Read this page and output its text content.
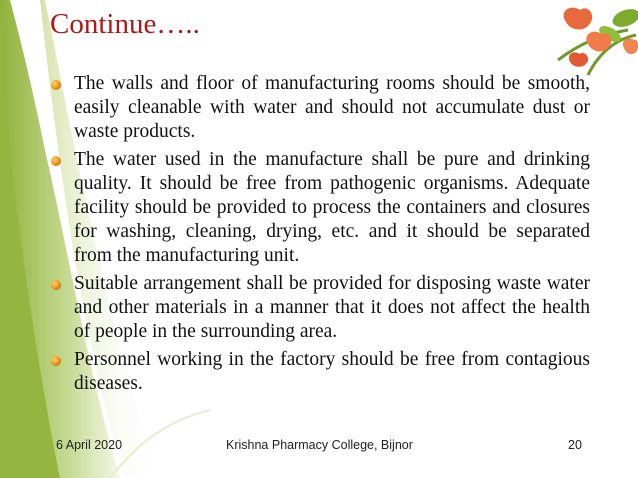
Continue…..
The walls and floor of manufacturing rooms should be smooth, easily cleanable with water and should not accumulate dust or waste products.
The water used in the manufacture shall be pure and drinking quality. It should be free from pathogenic organisms. Adequate facility should be provided to process the containers and closures for washing, cleaning, drying, etc. and it should be separated from the manufacturing unit.
Suitable arrangement shall be provided for disposing waste water and other materials in a manner that it does not affect the health of people in the surrounding area.
Personnel working in the factory should be free from contagious diseases.
6 April 2020	Krishna Pharmacy College, Bijnor	20
